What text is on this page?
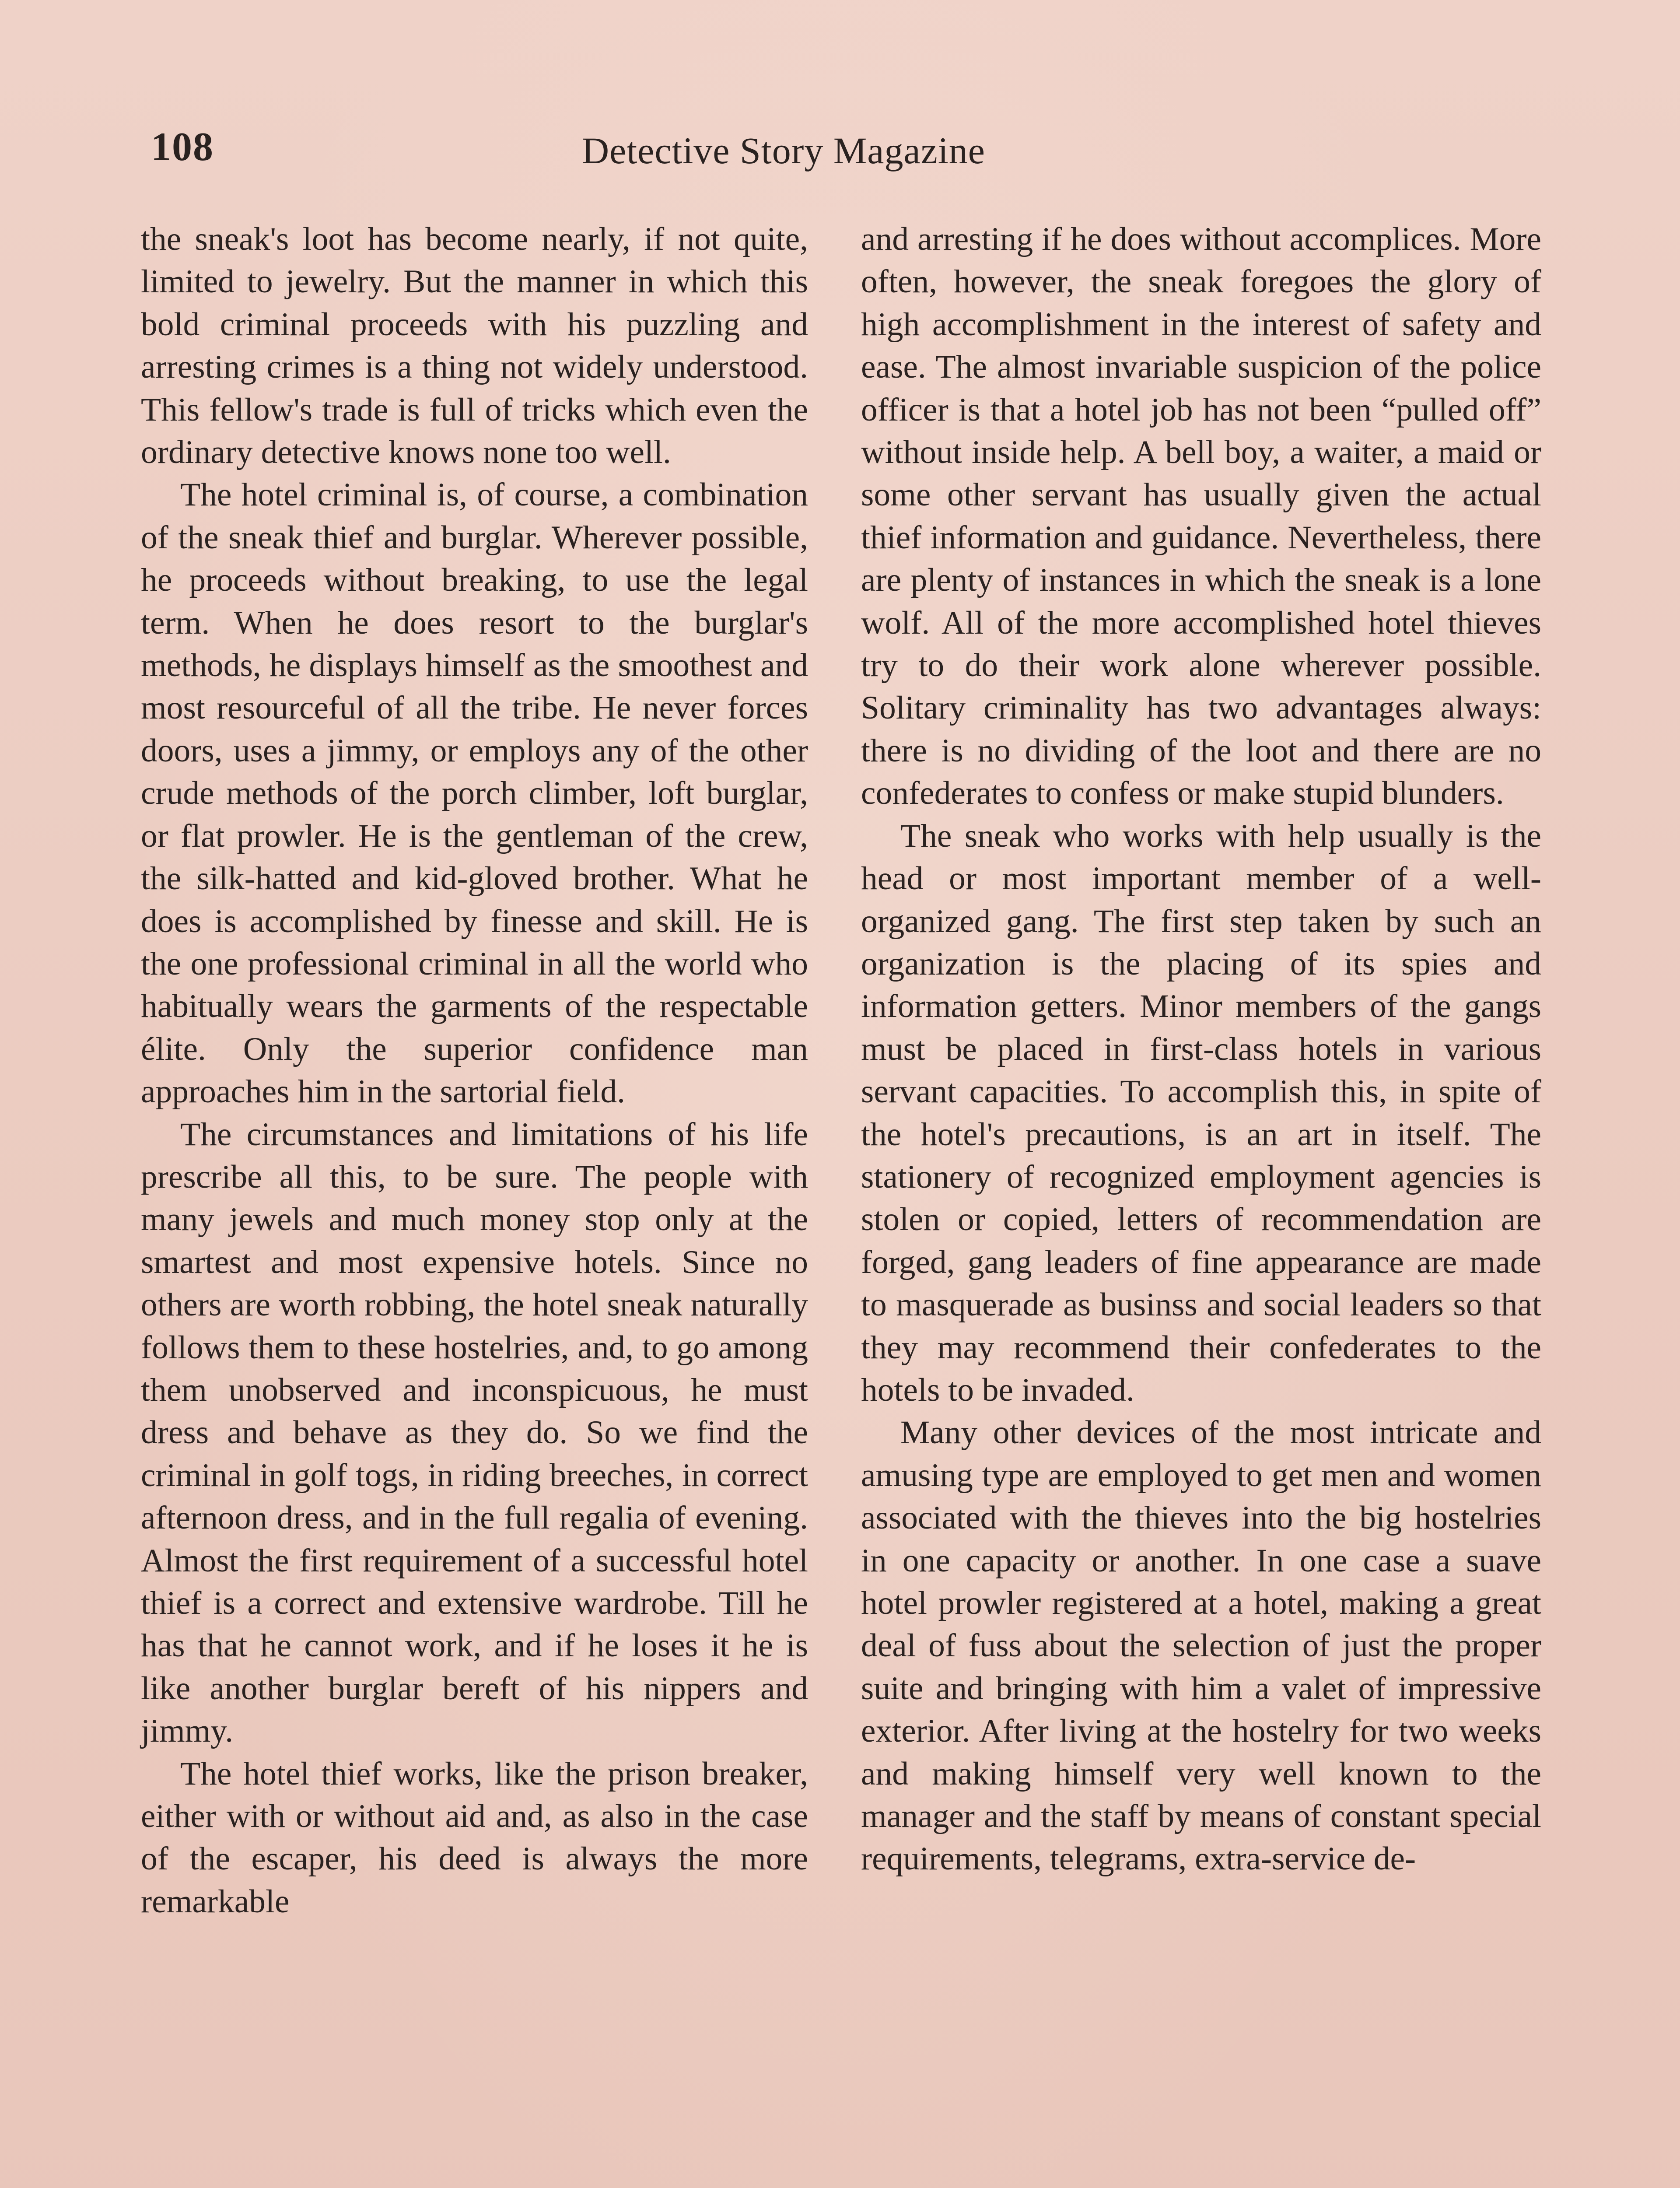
108	Detective Story Magazine

the sneak's loot has become nearly, if not quite, limited to jewelry. But the manner in which this bold criminal proceeds with his puzzling and arresting crimes is a thing not widely understood. This fellow's trade is full of tricks which even the ordinary detective knows none too well.

The hotel criminal is, of course, a combination of the sneak thief and burglar. Wherever possible, he proceeds without breaking, to use the legal term. When he does resort to the burglar's methods, he displays himself as the smoothest and most resourceful of all the tribe. He never forces doors, uses a jimmy, or employs any of the other crude methods of the porch climber, loft burglar, or flat prowler. He is the gentleman of the crew, the silk-hatted and kid-gloved brother. What he does is accomplished by finesse and skill. He is the one professional criminal in all the world who habitually wears the garments of the respectable élite. Only the superior confidence man approaches him in the sartorial field.

The circumstances and limitations of his life prescribe all this, to be sure. The people with many jewels and much money stop only at the smartest and most expensive hotels. Since no others are worth robbing, the hotel sneak naturally follows them to these hostelries, and, to go among them unobserved and inconspicuous, he must dress and behave as they do. So we find the criminal in golf togs, in riding breeches, in correct afternoon dress, and in the full regalia of evening. Almost the first requirement of a successful hotel thief is a correct and extensive wardrobe. Till he has that he cannot work, and if he loses it he is like another burglar bereft of his nippers and jimmy.

The hotel thief works, like the prison breaker, either with or without aid and, as also in the case of the escaper, his deed is always the more remarkable

and arresting if he does without accomplices. More often, however, the sneak foregoes the glory of high accomplishment in the interest of safety and ease. The almost invariable suspicion of the police officer is that a hotel job has not been “pulled off” without inside help. A bell boy, a waiter, a maid or some other servant has usually given the actual thief information and guidance. Nevertheless, there are plenty of instances in which the sneak is a lone wolf. All of the more accomplished hotel thieves try to do their work alone wherever possible. Solitary criminality has two advantages always: there is no dividing of the loot and there are no confederates to confess or make stupid blunders.

The sneak who works with help usually is the head or most important member of a well-organized gang. The first step taken by such an organization is the placing of its spies and information getters. Minor members of the gangs must be placed in first-class hotels in various servant capacities. To accomplish this, in spite of the hotel's precautions, is an art in itself. The stationery of recognized employment agencies is stolen or copied, letters of recommendation are forged, gang leaders of fine appearance are made to masquerade as businss and social leaders so that they may recommend their confederates to the hotels to be invaded.

Many other devices of the most intricate and amusing type are employed to get men and women associated with the thieves into the big hostelries in one capacity or another. In one case a suave hotel prowler registered at a hotel, making a great deal of fuss about the selection of just the proper suite and bringing with him a valet of impressive exterior. After living at the hostelry for two weeks and making himself very well known to the manager and the staff by means of constant special requirements, telegrams, extra-service de-
